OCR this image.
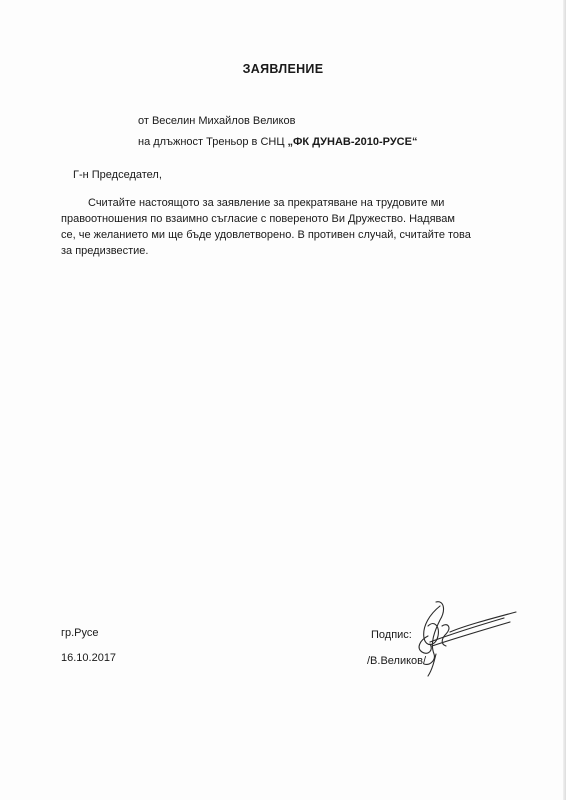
ЗАЯВЛЕНИЕ
от Веселин Михайлов Великов
на длъжност Треньор в СНЦ „ФК ДУНАВ-2010-РУСЕ“
Г-н Председател,

Считайте настоящото за заявление за прекратяване на трудовите ми правоотношения по взаимно съгласие с повереното Ви Дружество. Надявам се, че желанието ми ще бъде удовлетворено. В противен случай, считайте това за предизвестие.

гр.Русе
16.10.2017
Подпис:
/В.Великов/
